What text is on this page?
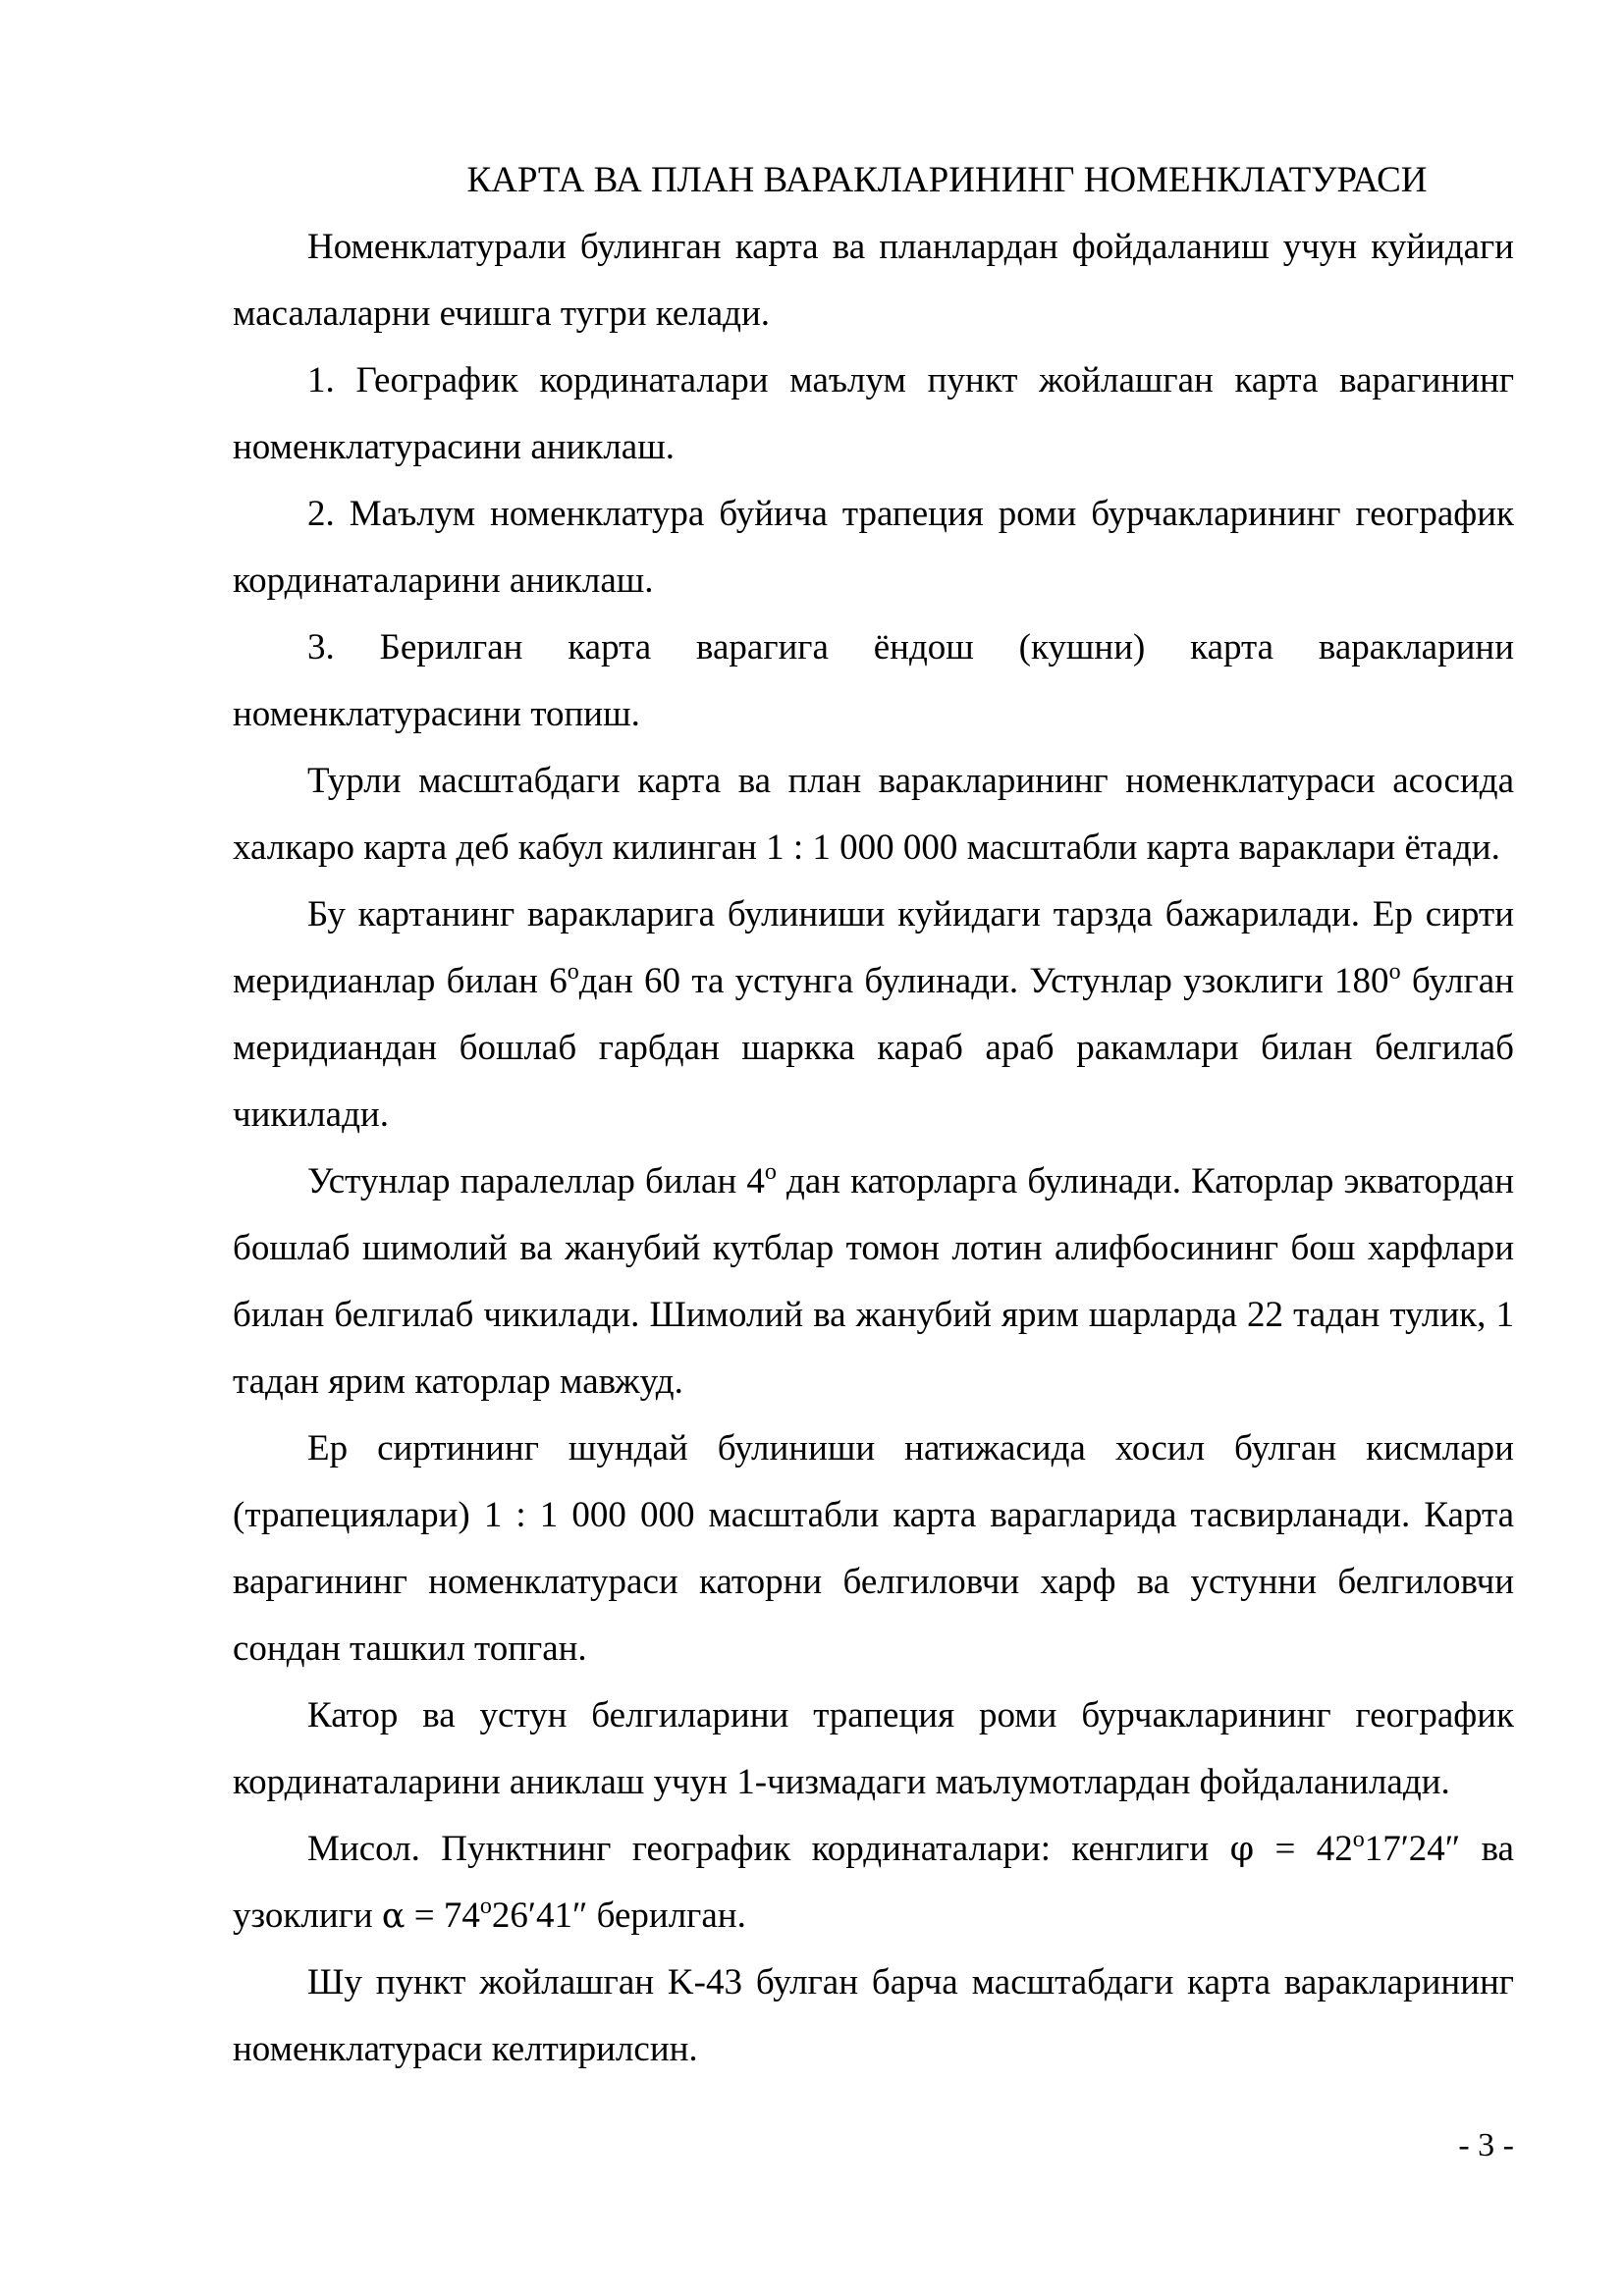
КАРТА ВА ПЛАН ВАРАКЛАРИНИНГ НОМЕНКЛАТУРАСИ

Номенклатурали булинган карта ва планлардан фойдаланиш учун куйидаги масалаларни ечишга тугри келади.

1. Географик кординаталари маълум пункт жойлашган карта варагининг номенклатурасини аниклаш.

2. Маълум номенклатура буйича трапеция роми бурчакларининг географик кординаталарини аниклаш.

3. Берилган карта варагига ёндош (кушни) карта варакларини номенклатурасини топиш.

Турли масштабдаги карта ва план варакларининг номенклатураси асосида халкаро карта деб кабул килинган 1 : 1 000 000 масштабли карта вараклари ётади.

Бу картанинг варакларига булиниши куйидаги тарзда бажарилади. Ер сирти меридианлар билан 6$^o$дан 60 та устунга булинади. Устунлар узоклиги $180^о$ булган меридиандан бошлаб гарбдан шаркка караб араб ракамлари билан белгилаб чикилади.

Устунлар паралеллар билан 4$^o$ дан каторларга булинади. Каторлар экватордан бошлаб шимолий ва жанубий кутблар томон лотин алифбосининг бош харфлари билан белгилаб чикилади. Шимолий ва жанубий ярим шарларда 22 тадан тулик, 1 тадан ярим каторлар мавжуд.

Ер сиртининг шундай булиниши натижасида хосил булган кисмлари (трапециялари) 1 : 1 000 000 масштабли карта варагларида тасвирланади. Карта варагининг номенклатураси каторни белгиловчи харф ва устунни белгиловчи сондан ташкил топган.

Катор ва устун белгиларини трапеция роми бурчакларининг географик кординаталарини аниклаш учун 1-чизмадаги маълумотлардан фойдаланилади.

Мисол. Пунктнинг географик кординаталари: кенглиги $\varphi = 42^o17'24''$ ва узоклиги $\alpha = 74^o26'41''$ берилган.

Шу пункт жойлашган K-43 булган барча масштабдаги карта варакларининг номенклатураси келтирилсин.

- 3 -
